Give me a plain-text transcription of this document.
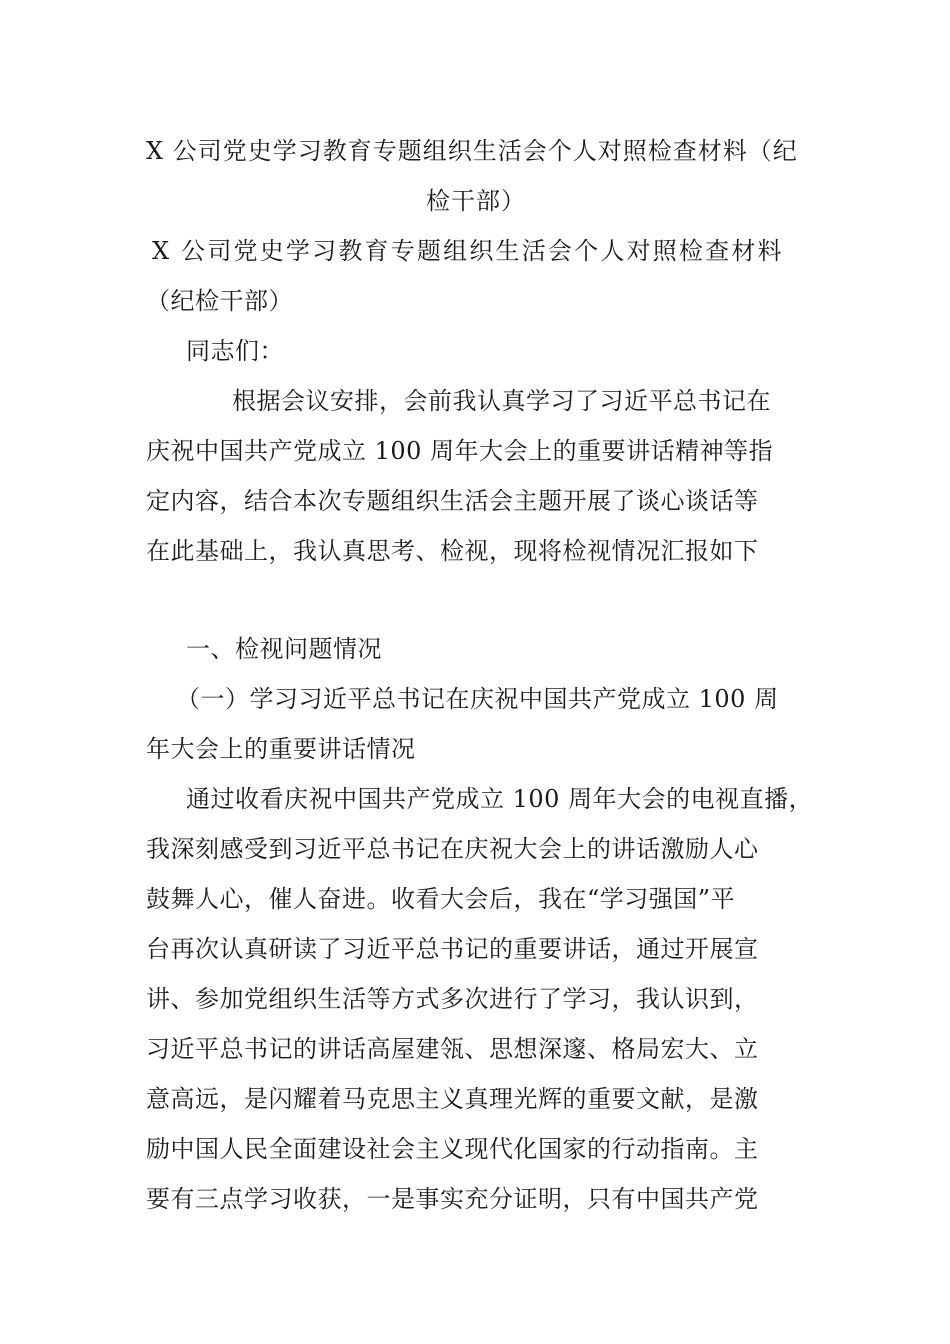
X 公司党史学习教育专题组织生活会个人对照检查材料（纪
检干部）
X 公司党史学习教育专题组织生活会个人对照检查材料
（纪检干部）
同志们：
根据会议安排，会前我认真学习了习近平总书记在
庆祝中国共产党成立 100 周年大会上的重要讲话精神等指
定内容，结合本次专题组织生活会主题开展了谈心谈话等
在此基础上，我认真思考、检视，现将检视情况汇报如下
一、检视问题情况
（一）学习习近平总书记在庆祝中国共产党成立 100 周
年大会上的重要讲话情况
通过收看庆祝中国共产党成立 100 周年大会的电视直播，
我深刻感受到习近平总书记在庆祝大会上的讲话激励人心
鼓舞人心，催人奋进。收看大会后，我在“学习强国”平
台再次认真研读了习近平总书记的重要讲话，通过开展宣
讲、参加党组织生活等方式多次进行了学习，我认识到，
习近平总书记的讲话高屋建瓴、思想深邃、格局宏大、立
意高远，是闪耀着马克思主义真理光辉的重要文献，是激
励中国人民全面建设社会主义现代化国家的行动指南。主
要有三点学习收获，一是事实充分证明，只有中国共产党
